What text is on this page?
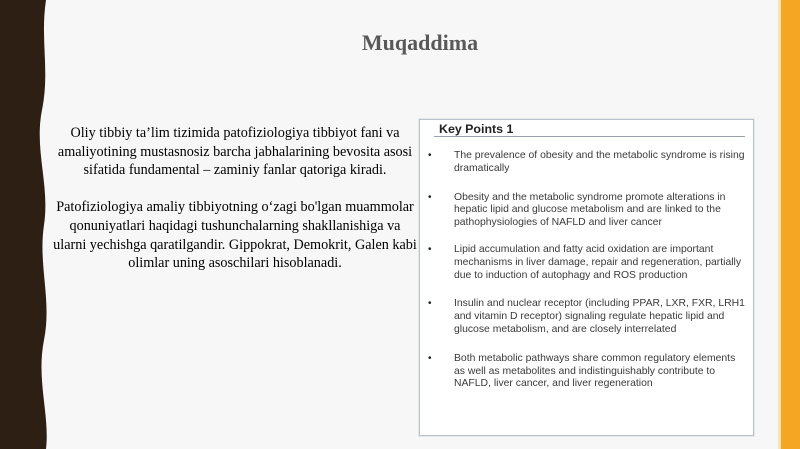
Muqaddima

Oliy tibbiy ta’lim tizimida patofiziologiya tibbiyot fani va amaliyotining mustasnosiz barcha jabhalarining bevosita asosi sifatida fundamental – zaminiy fanlar qatoriga kiradi.

Patofiziologiya amaliy tibbiyotning o‘zagi bo'lgan muammolar qonuniyatlari haqidagi tushunchalarning shakllanishiga va ularni yechishga qaratilgandir. Gippokrat, Demokrit, Galen kabi olimlar uning asoschilari hisoblanadi.

Key Points 1
•	The prevalence of obesity and the metabolic syndrome is rising dramatically
•	Obesity and the metabolic syndrome promote alterations in hepatic lipid and glucose metabolism and are linked to the pathophysiologies of NAFLD and liver cancer
•	Lipid accumulation and fatty acid oxidation are important mechanisms in liver damage, repair and regeneration, partially due to induction of autophagy and ROS production
•	Insulin and nuclear receptor (including PPAR, LXR, FXR, LRH1 and vitamin D receptor) signaling regulate hepatic lipid and glucose metabolism, and are closely interrelated
•	Both metabolic pathways share common regulatory elements as well as metabolites and indistinguishably contribute to NAFLD, liver cancer, and liver regeneration
